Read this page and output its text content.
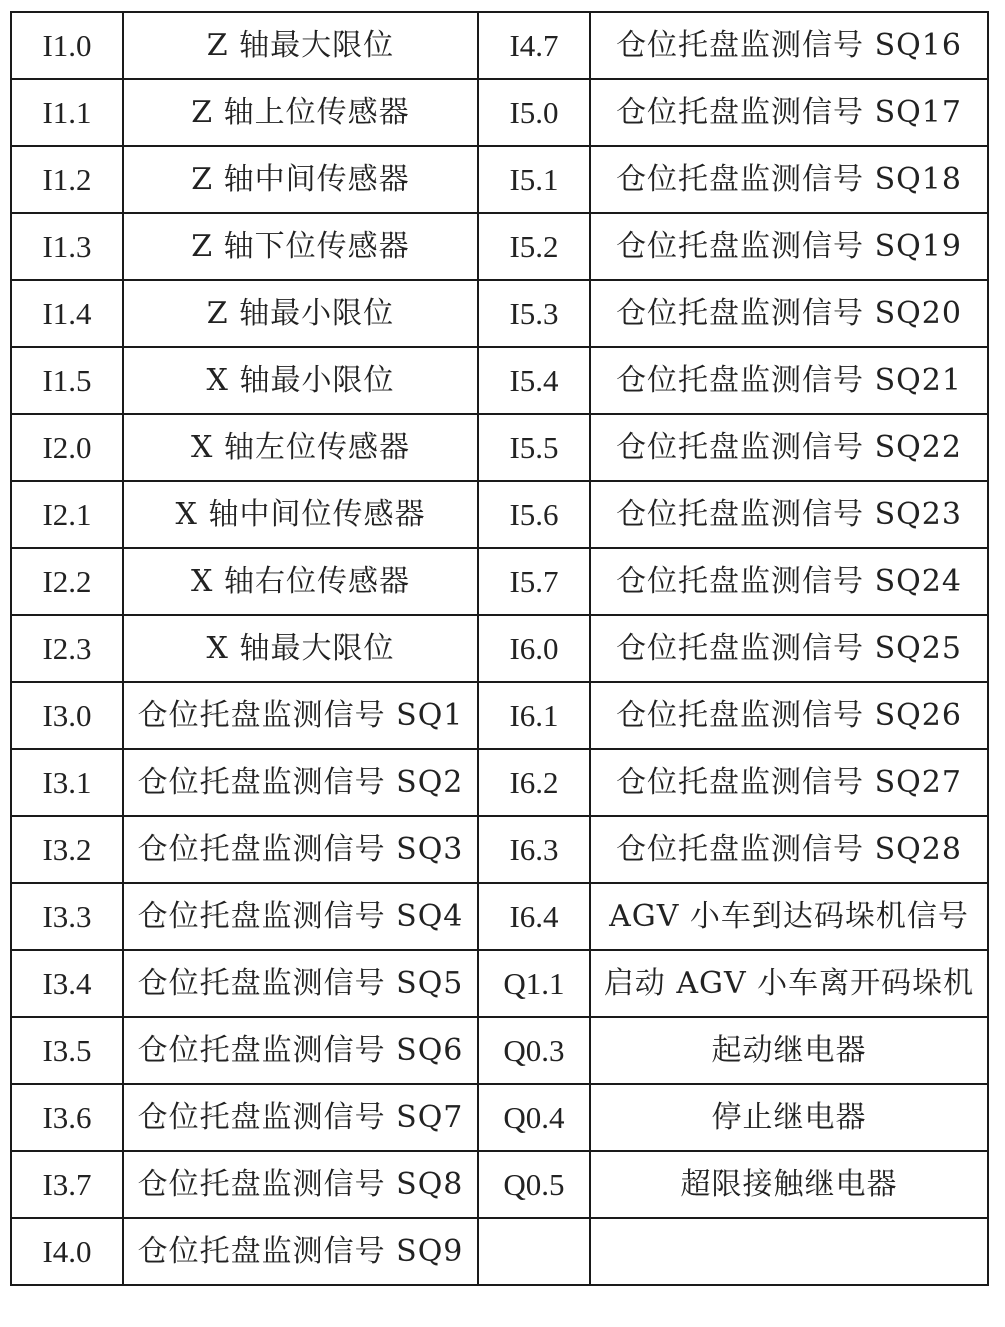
I1.0	Z 轴最大限位	I4.7	仓位托盘监测信号 SQ16
I1.1	Z 轴上位传感器	I5.0	仓位托盘监测信号 SQ17
I1.2	Z 轴中间传感器	I5.1	仓位托盘监测信号 SQ18
I1.3	Z 轴下位传感器	I5.2	仓位托盘监测信号 SQ19
I1.4	Z 轴最小限位	I5.3	仓位托盘监测信号 SQ20
I1.5	X 轴最小限位	I5.4	仓位托盘监测信号 SQ21
I2.0	X 轴左位传感器	I5.5	仓位托盘监测信号 SQ22
I2.1	X 轴中间位传感器	I5.6	仓位托盘监测信号 SQ23
I2.2	X 轴右位传感器	I5.7	仓位托盘监测信号 SQ24
I2.3	X 轴最大限位	I6.0	仓位托盘监测信号 SQ25
I3.0	仓位托盘监测信号 SQ1	I6.1	仓位托盘监测信号 SQ26
I3.1	仓位托盘监测信号 SQ2	I6.2	仓位托盘监测信号 SQ27
I3.2	仓位托盘监测信号 SQ3	I6.3	仓位托盘监测信号 SQ28
I3.3	仓位托盘监测信号 SQ4	I6.4	AGV 小车到达码垛机信号
I3.4	仓位托盘监测信号 SQ5	Q1.1	启动 AGV 小车离开码垛机
I3.5	仓位托盘监测信号 SQ6	Q0.3	起动继电器
I3.6	仓位托盘监测信号 SQ7	Q0.4	停止继电器
I3.7	仓位托盘监测信号 SQ8	Q0.5	超限接触继电器
I4.0	仓位托盘监测信号 SQ9		
